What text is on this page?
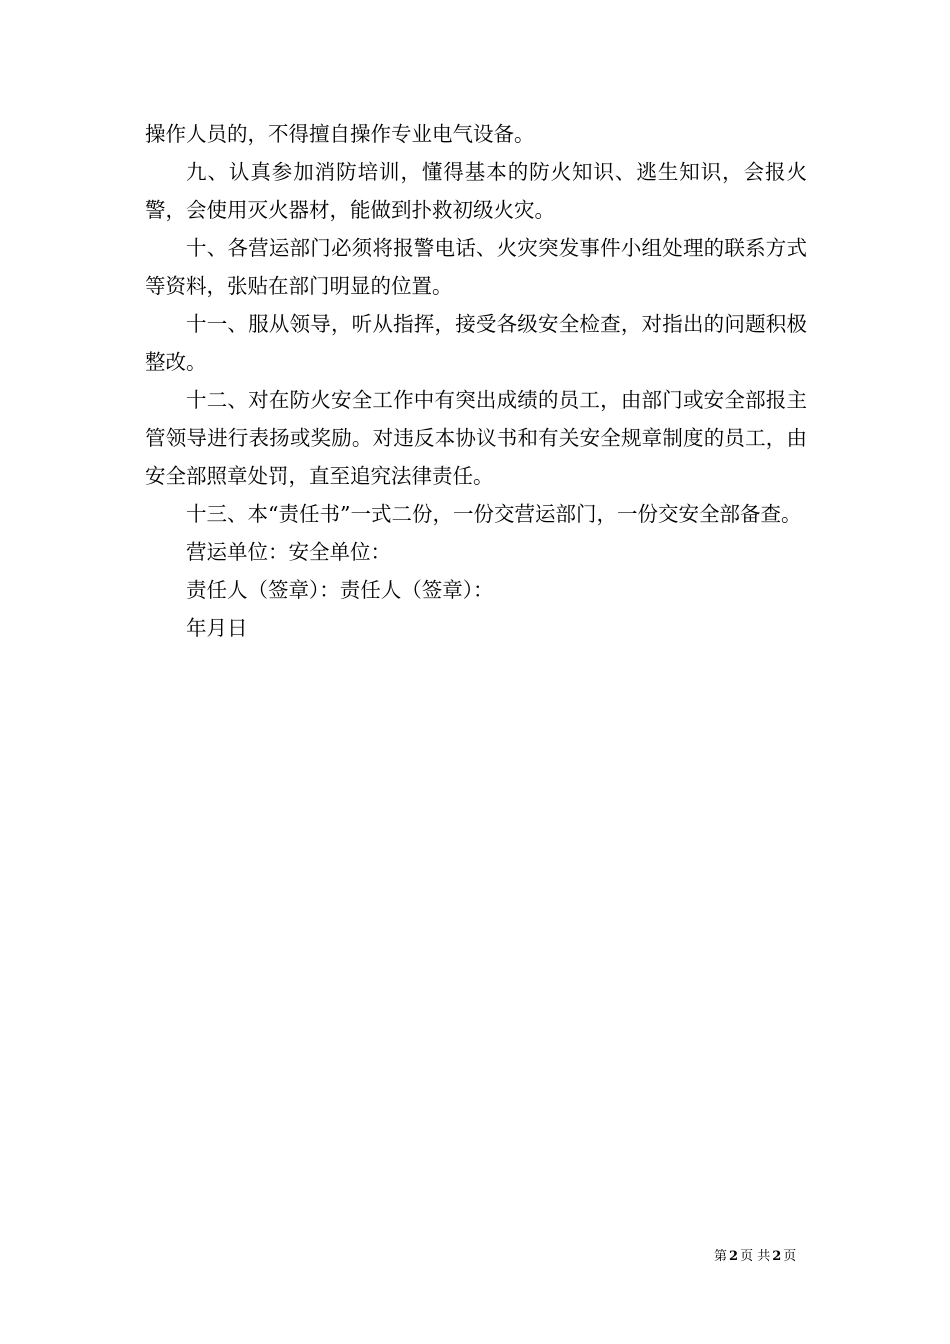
操作人员的，不得擅自操作专业电气设备。

九、认真参加消防培训，懂得基本的防火知识、逃生知识，会报火警，会使用灭火器材，能做到扑救初级火灾。

十、各营运部门必须将报警电话、火灾突发事件小组处理的联系方式等资料，张贴在部门明显的位置。

十一、服从领导，听从指挥，接受各级安全检查，对指出的问题积极整改。

十二、对在防火安全工作中有突出成绩的员工，由部门或安全部报主管领导进行表扬或奖励。对违反本协议书和有关安全规章制度的员工，由安全部照章处罚，直至追究法律责任。

十三、本“责任书”一式二份，一份交营运部门，一份交安全部备查。

营运单位：安全单位：

责任人（签章）：责任人（签章）：

年月日

第 2 页 共 2 页
